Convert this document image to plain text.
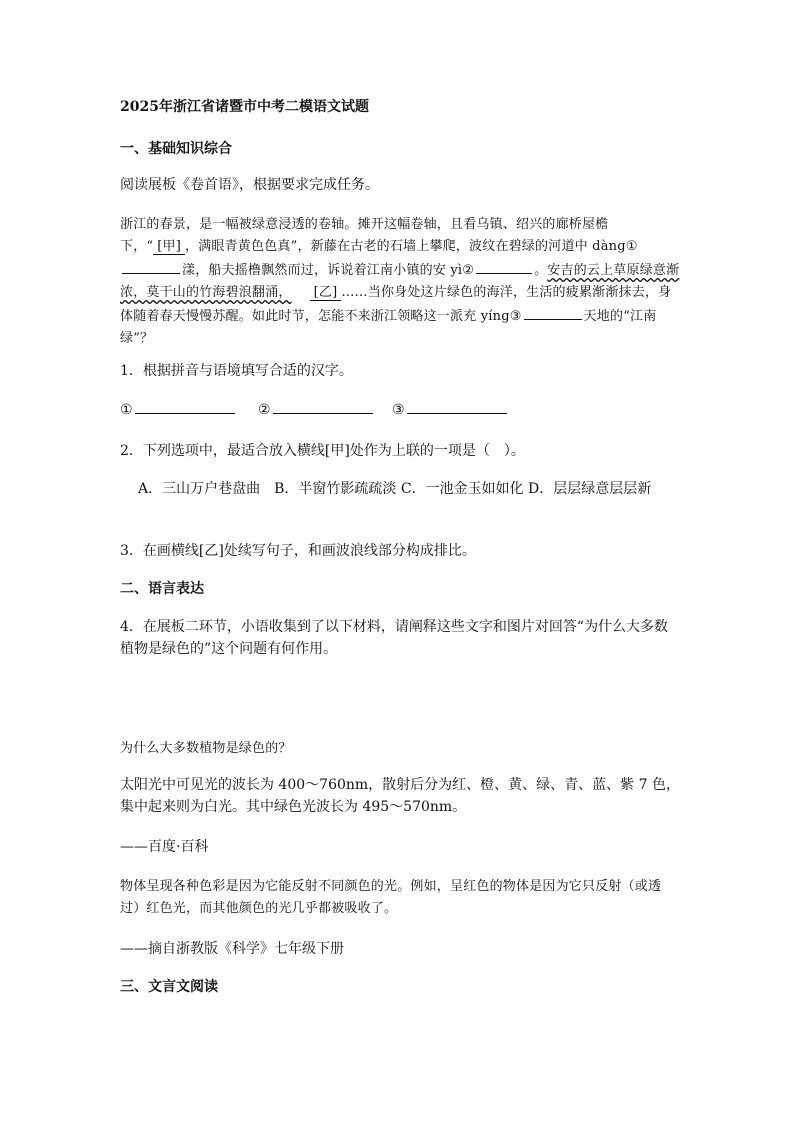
2025年浙江省诸暨市中考二模语文试题

一、基础知识综合

阅读展板《卷首语》，根据要求完成任务。

浙江的春景，是一幅被绿意浸透的卷轴。摊开这幅卷轴，且看乌镇、绍兴的廊桥屋檐下，“ [甲] ，满眼青黄色色真”，新藤在古老的石墙上攀爬，波纹在碧绿的河道中 dàng①漾，船夫摇橹飘然而过，诉说着江南小镇的安 yì②	。安吉的云上草原绿意渐浓，莫干山的竹海碧浪翻涌， [乙] ……当你身处这片绿色的海洋，生活的疲累渐渐抹去，身体随着春天慢慢苏醒。如此时节，怎能不来浙江领略这一派充 yíng③	天地的“江南绿”？

1．根据拼音与语境填写合适的汉字。

①	②	③

2．下列选项中，最适合放入横线[甲]处作为上联的一项是（　）。

A．三山万户巷盘曲　B．半窗竹影疏疏淡 C．一池金玉如如化 D．层层绿意层层新

3．在画横线[乙]处续写句子，和画波浪线部分构成排比。

二、语言表达

4．在展板二环节，小语收集到了以下材料，请阐释这些文字和图片对回答“为什么大多数植物是绿色的”这个问题有何作用。

为什么大多数植物是绿色的？

太阳光中可见光的波长为 400～760nm，散射后分为红、橙、黄、绿、青、蓝、紫 7 色，集中起来则为白光。其中绿色光波长为 495～570nm。

——百度·百科

物体呈现各种色彩是因为它能反射不同颜色的光。例如，呈红色的物体是因为它只反射（或透过）红色光，而其他颜色的光几乎都被吸收了。

——摘自浙教版《科学》七年级下册

三、文言文阅读
